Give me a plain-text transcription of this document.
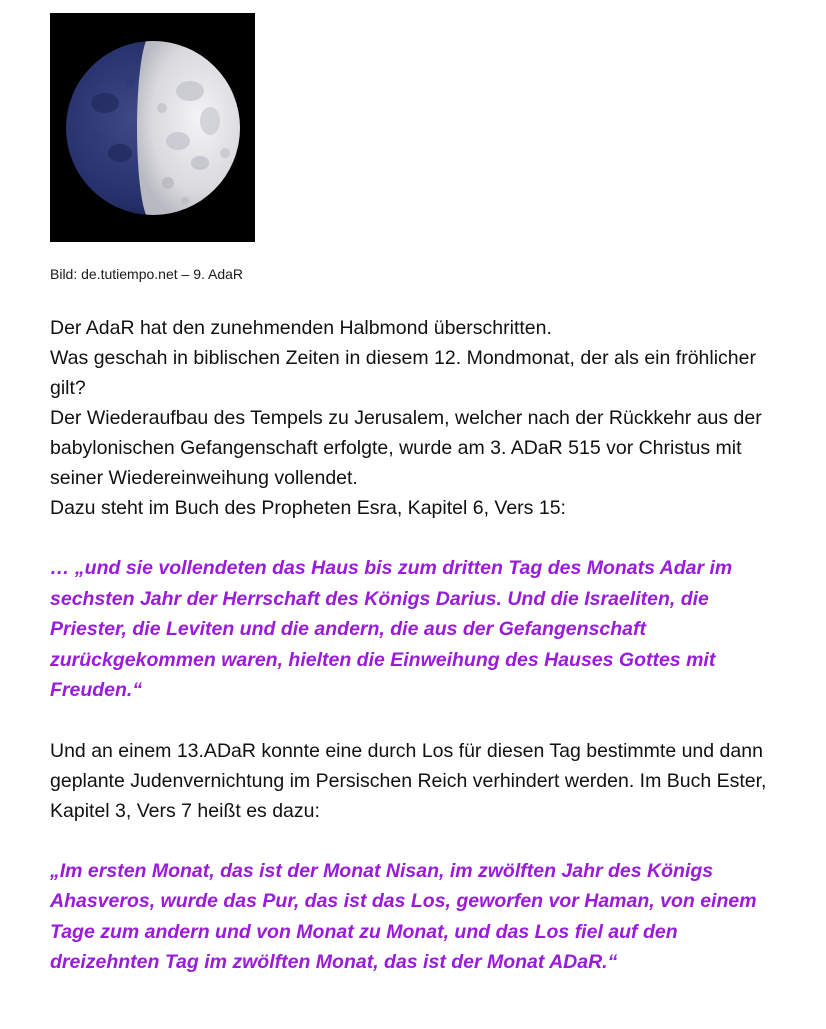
Bild: de.tutiempo.net – 9. AdaR

Der AdaR hat den zunehmenden Halbmond überschritten.

Was geschah in biblischen Zeiten in diesem 12. Mondmonat, der als ein fröhlicher gilt?

Der Wiederaufbau des Tempels zu Jerusalem, welcher nach der Rückkehr aus der babylonischen Gefangenschaft erfolgte, wurde am 3. ADaR 515 vor Christus mit seiner Wiedereinweihung vollendet.

Dazu steht im Buch des Propheten Esra, Kapitel 6, Vers 15:

… „und sie vollendeten das Haus bis zum dritten Tag des Monats Adar im sechsten Jahr der Herrschaft des Königs Darius. Und die Israeliten, die Priester, die Leviten und die andern, die aus der Gefangenschaft zurückgekommen waren, hielten die Einweihung des Hauses Gottes mit Freuden.“

Und an einem 13.ADaR konnte eine durch Los für diesen Tag bestimmte und dann geplante Judenvernichtung im Persischen Reich verhindert werden. Im Buch Ester, Kapitel 3, Vers 7 heißt es dazu:

„Im ersten Monat, das ist der Monat Nisan, im zwölften Jahr des Königs Ahasveros, wurde das Pur, das ist das Los, geworfen vor Haman, von einem Tage zum andern und von Monat zu Monat, und das Los fiel auf den dreizehnten Tag im zwölften Monat, das ist der Monat ADaR.“
